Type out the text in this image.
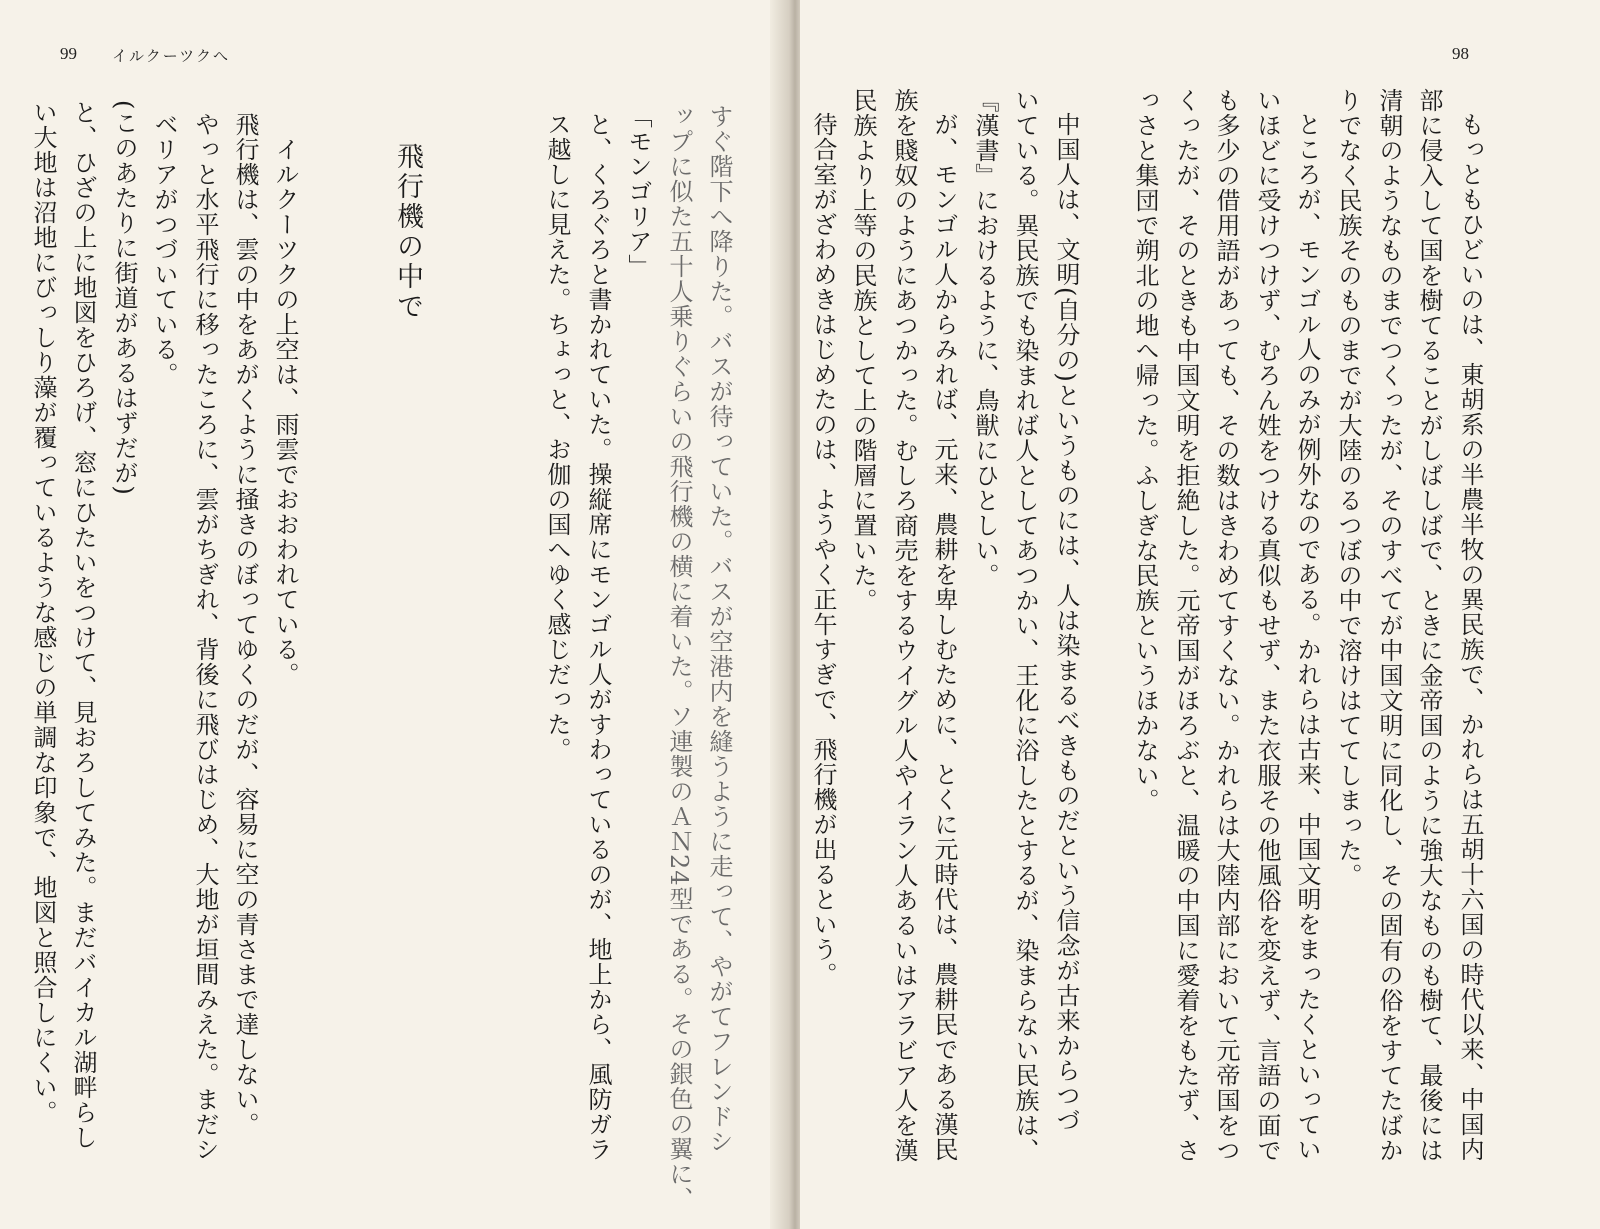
99 イルクーツクへ
すぐ階下へ降りた。バスが待っていた。バスが空港内を縫うように走って、やがてフレンドシ
ップに似た五十人乗りぐらいの飛行機の横に着いた。ソ連製のＡＮ24型である。その銀色の翼に、
「モンゴリア」
と、くろぐろと書かれていた。操縦席にモンゴル人がすわっているのが、地上から、風防ガラ
ス越しに見えた。ちょっと、お伽の国へゆく感じだった。
飛行機の中で
イルクーツクの上空は、雨雲でおおわれている。
飛行機は、雲の中をあがくように掻きのぼってゆくのだが、容易に空の青さまで達しない。
やっと水平飛行に移ったころに、雲がちぎれ、背後に飛びはじめ、大地が垣間みえた。まだシ
ベリアがつづいている。
(このあたりに街道があるはずだが)
と、ひざの上に地図をひろげ、窓にひたいをつけて、見おろしてみた。まだバイカル湖畔らし
い大地は沼地にびっしり藻が覆っているような感じの単調な印象で、地図と照合しにくい。
98
もっともひどいのは、東胡系の半農半牧の異民族で、かれらは五胡十六国の時代以来、中国内
部に侵入して国を樹てることがしばしばで、ときに金帝国のように強大なものも樹て、最後には
清朝のようなものまでつくったが、そのすべてが中国文明に同化し、その固有の俗をすてたばか
りでなく民族そのものまでが大陸のるつぼの中で溶けはててしまった。
ところが、モンゴル人のみが例外なのである。かれらは古来、中国文明をまったくといってい
いほどに受けつけず、むろん姓をつける真似もせず、また衣服その他風俗を変えず、言語の面で
も多少の借用語があっても、その数はきわめてすくない。かれらは大陸内部において元帝国をつ
くったが、そのときも中国文明を拒絶した。元帝国がほろぶと、温暖の中国に愛着をもたず、さ
っさと集団で朔北の地へ帰った。ふしぎな民族というほかない。
中国人は、文明(自分の)というものには、人は染まるべきものだという信念が古来からつづ
いている。異民族でも染まれば人としてあつかい、王化に浴したとするが、染まらない民族は、
『漢書』におけるように、鳥獣にひとしい。
が、モンゴル人からみれば、元来、農耕を卑しむために、とくに元時代は、農耕民である漢民
族を賤奴のようにあつかった。むしろ商売をするウイグル人やイラン人あるいはアラビア人を漢
民族より上等の民族として上の階層に置いた。
待合室がざわめきはじめたのは、ようやく正午すぎで、飛行機が出るという。
